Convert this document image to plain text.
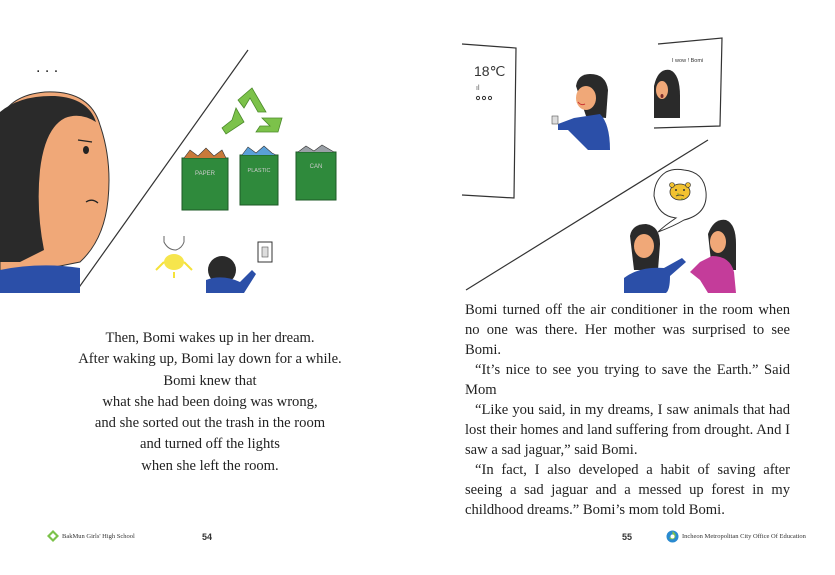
. . .
PAPER	PLASTIC
CAN
Then, Bomi wakes up in her dream.
After waking up, Bomi lay down for a while.
Bomi knew that
what she had been doing was wrong,
and she sorted out the trash in the room
and turned off the lights
when she left the room.
BakMun Girls' High School	54
18℃
ıl
I wow ! Bomi

Bomi turned off the air conditioner in the room when no one was there. Her mother was surprised to see Bomi.

“It’s nice to see you trying to save the Earth.” Said Mom

“Like you said, in my dreams, I saw animals that had lost their homes and land suffering from drought. And I saw a sad jaguar,” said Bomi.

“In fact, I also developed a habit of saving after seeing a sad jaguar and a messed up forest in my childhood dreams.” Bomi’s mom told Bomi.

55	Incheon Metropolitan City Office Of Education
